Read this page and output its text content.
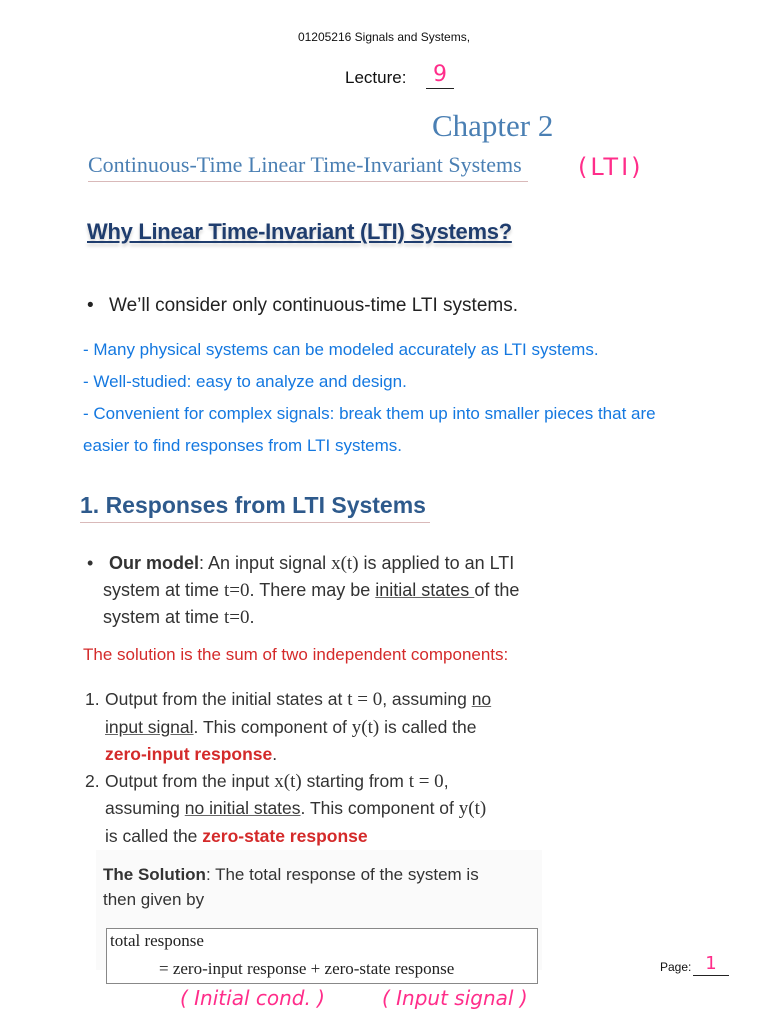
01205216 Signals and Systems,
Lecture:	9
Chapter 2
Continuous-Time Linear Time-Invariant Systems (LTI)
Why Linear Time-Invariant (LTI) Systems?
• We’ll consider only continuous-time LTI systems.
- Many physical systems can be modeled accurately as LTI systems.
- Well-studied: easy to analyze and design.
- Convenient for complex signals: break them up into smaller pieces that are
easier to find responses from LTI systems.
1. Responses from LTI Systems
• Our model: An input signal x(t) is applied to an LTI
system at time t=0. There may be initial states of the
system at time t=0.
The solution is the sum of two independent components:
1. Output from the initial states at t = 0, assuming no
input signal. This component of y(t) is called the
zero-input response.
2. Output from the input x(t) starting from t = 0,
assuming no initial states. This component of y(t)
is called the zero-state response
The Solution: The total response of the system is
then given by
total response
= zero-input response + zero-state response	Page: 1
( Initial cond. )	( Input signal )
